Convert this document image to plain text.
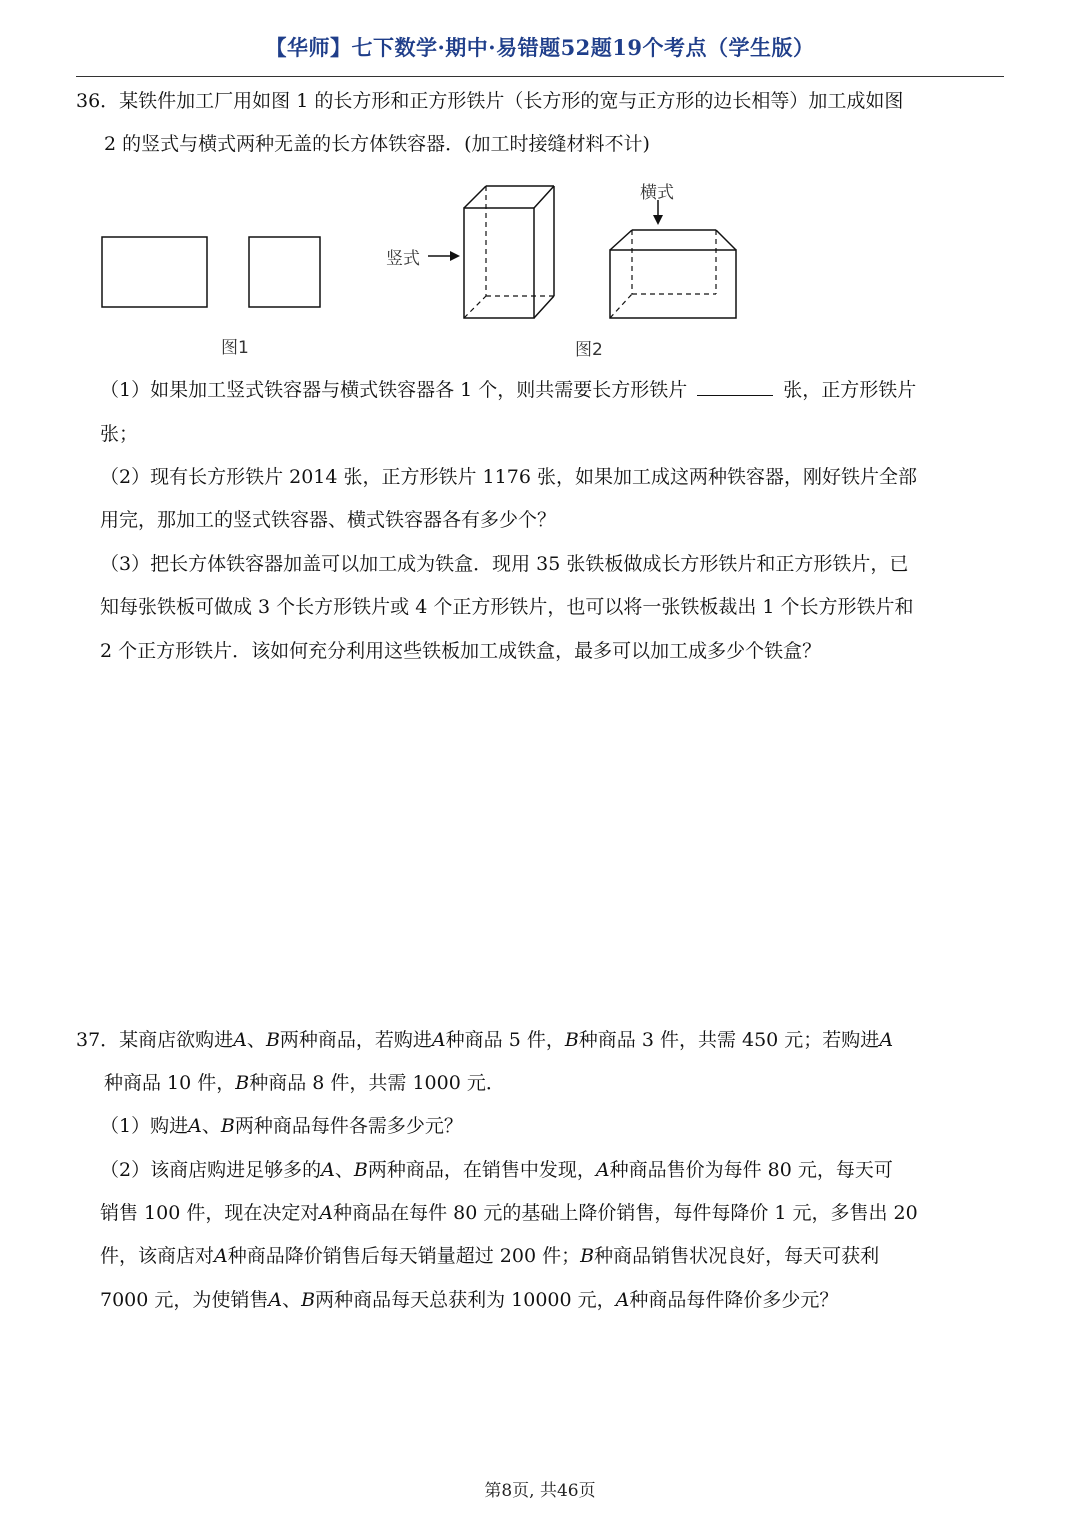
【华师】七下数学·期中·易错题52题19个考点（学生版）
36．某铁件加工厂用如图 1 的长方形和正方形铁片（长方形的宽与正方形的边长相等）加工成如图
2 的竖式与横式两种无盖的长方体铁容器．(加工时接缝材料不计)
图1
竖式
横式
图2
（1）如果加工竖式铁容器与横式铁容器各 1 个，则共需要长方形铁片	张，正方形铁片
张；
（2）现有长方形铁片 2014 张，正方形铁片 1176 张，如果加工成这两种铁容器，刚好铁片全部
用完，那加工的竖式铁容器、横式铁容器各有多少个？
（3）把长方体铁容器加盖可以加工成为铁盒．现用 35 张铁板做成长方形铁片和正方形铁片，已
知每张铁板可做成 3 个长方形铁片或 4 个正方形铁片，也可以将一张铁板裁出 1 个长方形铁片和
2 个正方形铁片．该如何充分利用这些铁板加工成铁盒，最多可以加工成多少个铁盒？
37．某商店欲购进A、B两种商品，若购进A种商品 5 件，B种商品 3 件，共需 450 元；若购进A
种商品 10 件，B种商品 8 件，共需 1000 元．
（1）购进A、B两种商品每件各需多少元？
（2）该商店购进足够多的A、B两种商品，在销售中发现，A种商品售价为每件 80 元，每天可
销售 100 件，现在决定对A种商品在每件 80 元的基础上降价销售，每件每降价 1 元，多售出 20
件，该商店对A种商品降价销售后每天销量超过 200 件；B种商品销售状况良好，每天可获利
7000 元，为使销售A、B两种商品每天总获利为 10000 元，A种商品每件降价多少元？
第8页, 共46页
